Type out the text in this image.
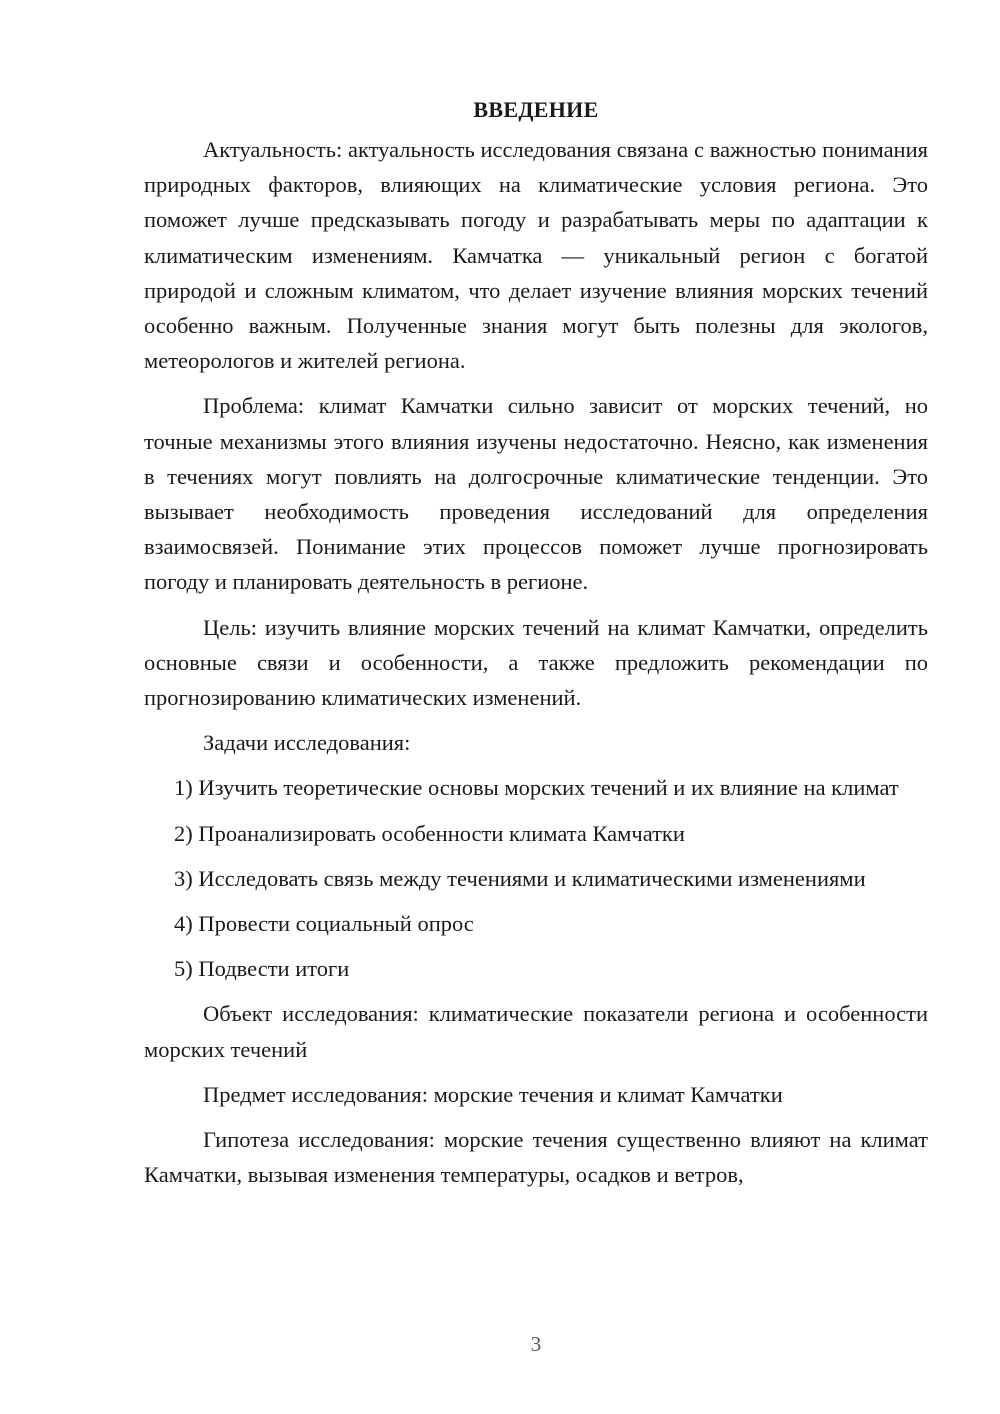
ВВЕДЕНИЕ

Актуальность: актуальность исследования связана с важностью понимания природных факторов, влияющих на климатические условия региона. Это поможет лучше предсказывать погоду и разрабатывать меры по адаптации к климатическим изменениям. Камчатка — уникальный регион с богатой природой и сложным климатом, что делает изучение влияния морских течений особенно важным. Полученные знания могут быть полезны для экологов, метеорологов и жителей региона.

Проблема: климат Камчатки сильно зависит от морских течений, но точные механизмы этого влияния изучены недостаточно. Неясно, как изменения в течениях могут повлиять на долгосрочные климатические тенденции. Это вызывает необходимость проведения исследований для определения взаимосвязей. Понимание этих процессов поможет лучше прогнозировать погоду и планировать деятельность в регионе.

Цель: изучить влияние морских течений на климат Камчатки, определить основные связи и особенности, а также предложить рекомендации по прогнозированию климатических изменений.

Задачи исследования:

1) Изучить теоретические основы морских течений и их влияние на климат

2) Проанализировать особенности климата Камчатки

3) Исследовать связь между течениями и климатическими изменениями

4) Провести социальный опрос

5) Подвести итоги

Объект исследования: климатические показатели региона и особенности морских течений

Предмет исследования: морские течения и климат Камчатки

Гипотеза исследования: морские течения существенно влияют на климат Камчатки, вызывая изменения температуры, осадков и ветров,

3
